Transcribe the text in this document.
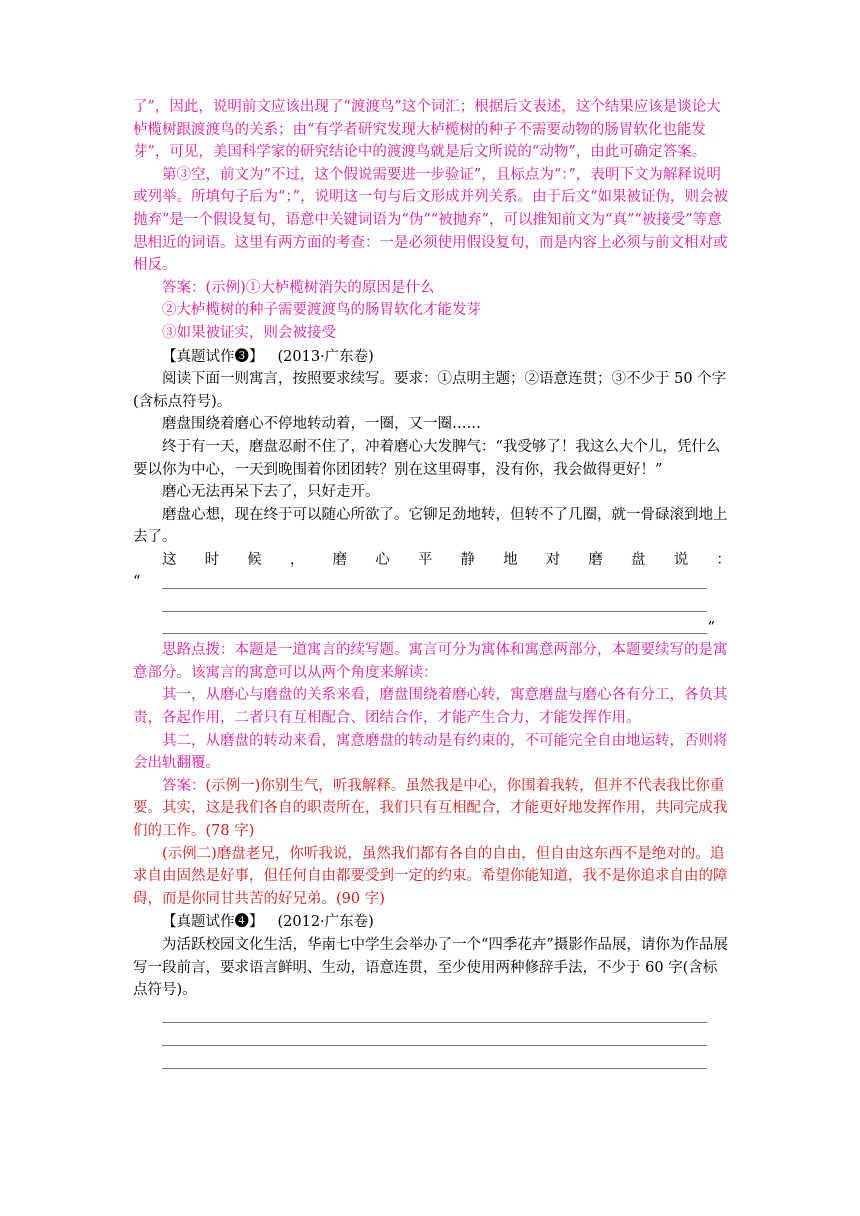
了”，因此，说明前文应该出现了“渡渡鸟”这个词汇；根据后文表述，这个结果应该是谈论大栌榄树跟渡渡鸟的关系；由“有学者研究发现大栌榄树的种子不需要动物的肠胃软化也能发芽”，可见，美国科学家的研究结论中的渡渡鸟就是后文所说的“动物”，由此可确定答案。

第③空，前文为“不过，这个假说需要进一步验证”，且标点为“：”，表明下文为解释说明或列举。所填句子后为“；”，说明这一句与后文形成并列关系。由于后文“如果被证伪，则会被抛弃”是一个假设复句，语意中关键词语为“伪”“被抛弃”，可以推知前文为“真”“被接受”等意思相近的词语。这里有两方面的考查：一是必须使用假设复句，而是内容上必须与前文相对或相反。

答案：(示例)①大栌榄树消失的原因是什么

②大栌榄树的种子需要渡渡鸟的肠胃软化才能发芽

③如果被证实，则会被接受

【真题试作❸】 (2013·广东卷)

阅读下面一则寓言，按照要求续写。要求：①点明主题；②语意连贯；③不少于 50 个字(含标点符号)。

磨盘围绕着磨心不停地转动着，一圈，又一圈……

终于有一天，磨盘忍耐不住了，冲着磨心大发脾气：“我受够了！我这么大个儿，凭什么要以你为中心，一天到晚围着你团团转？别在这里碍事，没有你，我会做得更好！”

磨心无法再呆下去了，只好走开。

磨盘心想，现在终于可以随心所欲了。它铆足劲地转，但转不了几圈，就一骨碌滚到地上去了。

这 时 候 ， 磨 心 平 静 地 对 磨 盘 说 ：
“
”

思路点拨：本题是一道寓言的续写题。寓言可分为寓体和寓意两部分，本题要续写的是寓意部分。该寓言的寓意可以从两个角度来解读：

其一，从磨心与磨盘的关系来看，磨盘围绕着磨心转，寓意磨盘与磨心各有分工，各负其责，各起作用，二者只有互相配合、团结合作，才能产生合力，才能发挥作用。

其二，从磨盘的转动来看，寓意磨盘的转动是有约束的，不可能完全自由地运转，否则将会出轨翻覆。

答案：(示例一)你别生气，听我解释。虽然我是中心，你围着我转，但并不代表我比你重要。其实，这是我们各自的职责所在，我们只有互相配合，才能更好地发挥作用，共同完成我们的工作。(78 字)

(示例二)磨盘老兄，你听我说，虽然我们都有各自的自由，但自由这东西不是绝对的。追求自由固然是好事，但任何自由都要受到一定的约束。希望你能知道，我不是你追求自由的障碍，而是你同甘共苦的好兄弟。(90 字)

【真题试作❹】 (2012·广东卷)

为活跃校园文化生活，华南七中学生会举办了一个“四季花卉”摄影作品展，请你为作品展写一段前言，要求语言鲜明、生动，语意连贯，至少使用两种修辞手法，不少于 60 字(含标点符号)。
